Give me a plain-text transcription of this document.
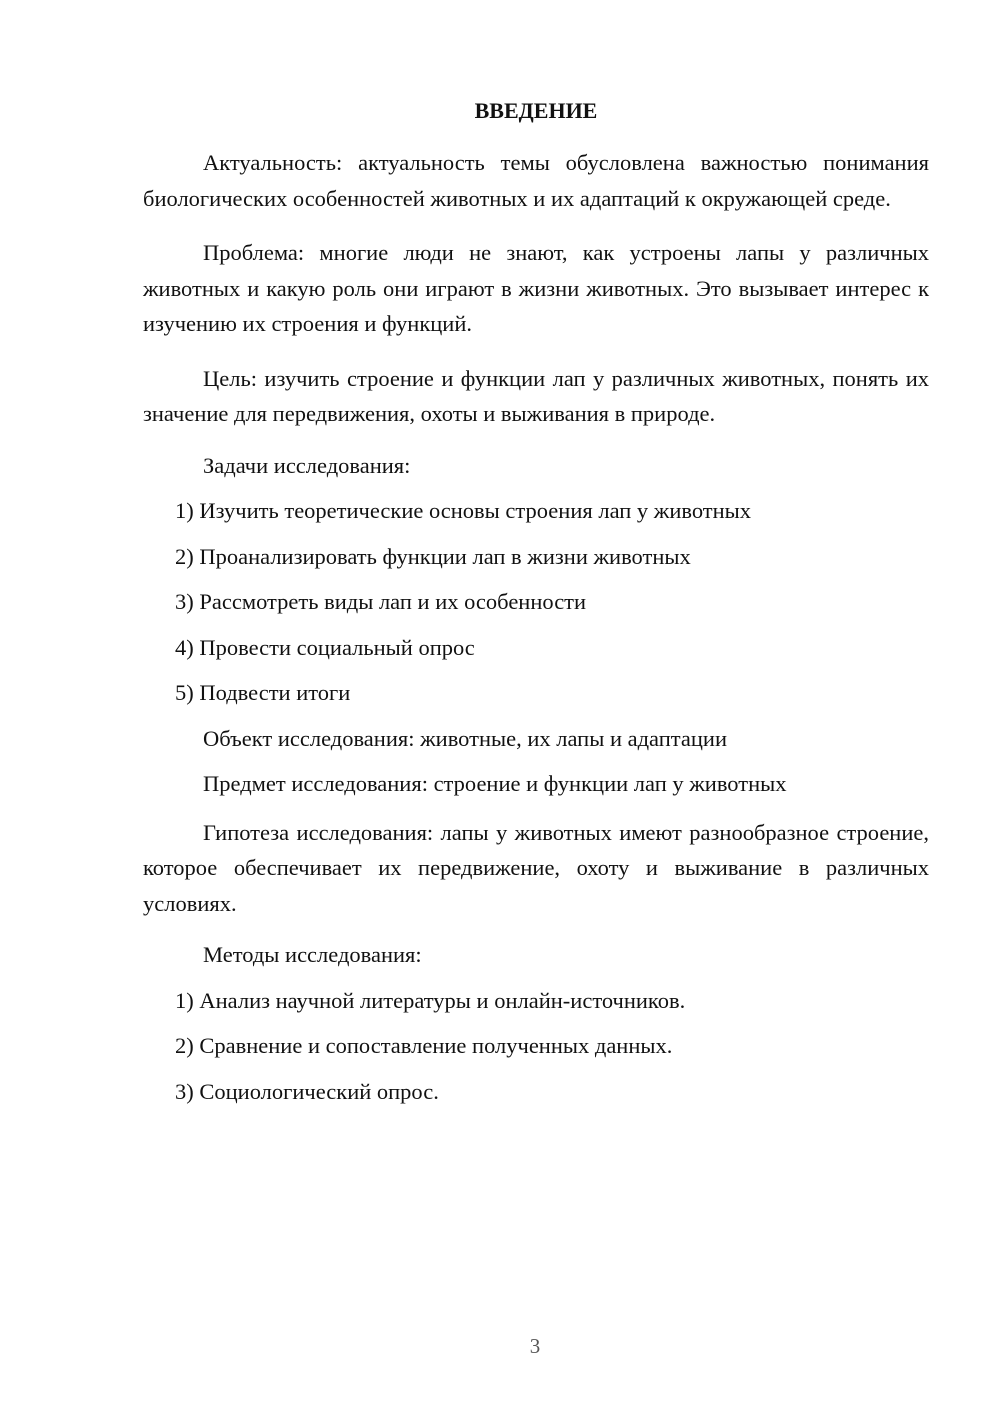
ВВЕДЕНИЕ

Актуальность: актуальность темы обусловлена важностью понимания биологических особенностей животных и их адаптаций к окружающей среде.

Проблема: многие люди не знают, как устроены лапы у различных животных и какую роль они играют в жизни животных. Это вызывает интерес к изучению их строения и функций.

Цель: изучить строение и функции лап у различных животных, понять их значение для передвижения, охоты и выживания в природе.

Задачи исследования:
1) Изучить теоретические основы строения лап у животных
2) Проанализировать функции лап в жизни животных
3) Рассмотреть виды лап и их особенности
4) Провести социальный опрос
5) Подвести итоги
Объект исследования: животные, их лапы и адаптации
Предмет исследования: строение и функции лап у животных

Гипотеза исследования: лапы у животных имеют разнообразное строение, которое обеспечивает их передвижение, охоту и выживание в различных условиях.

Методы исследования:
1) Анализ научной литературы и онлайн-источников.
2) Сравнение и сопоставление полученных данных.
3) Социологический опрос.
3
